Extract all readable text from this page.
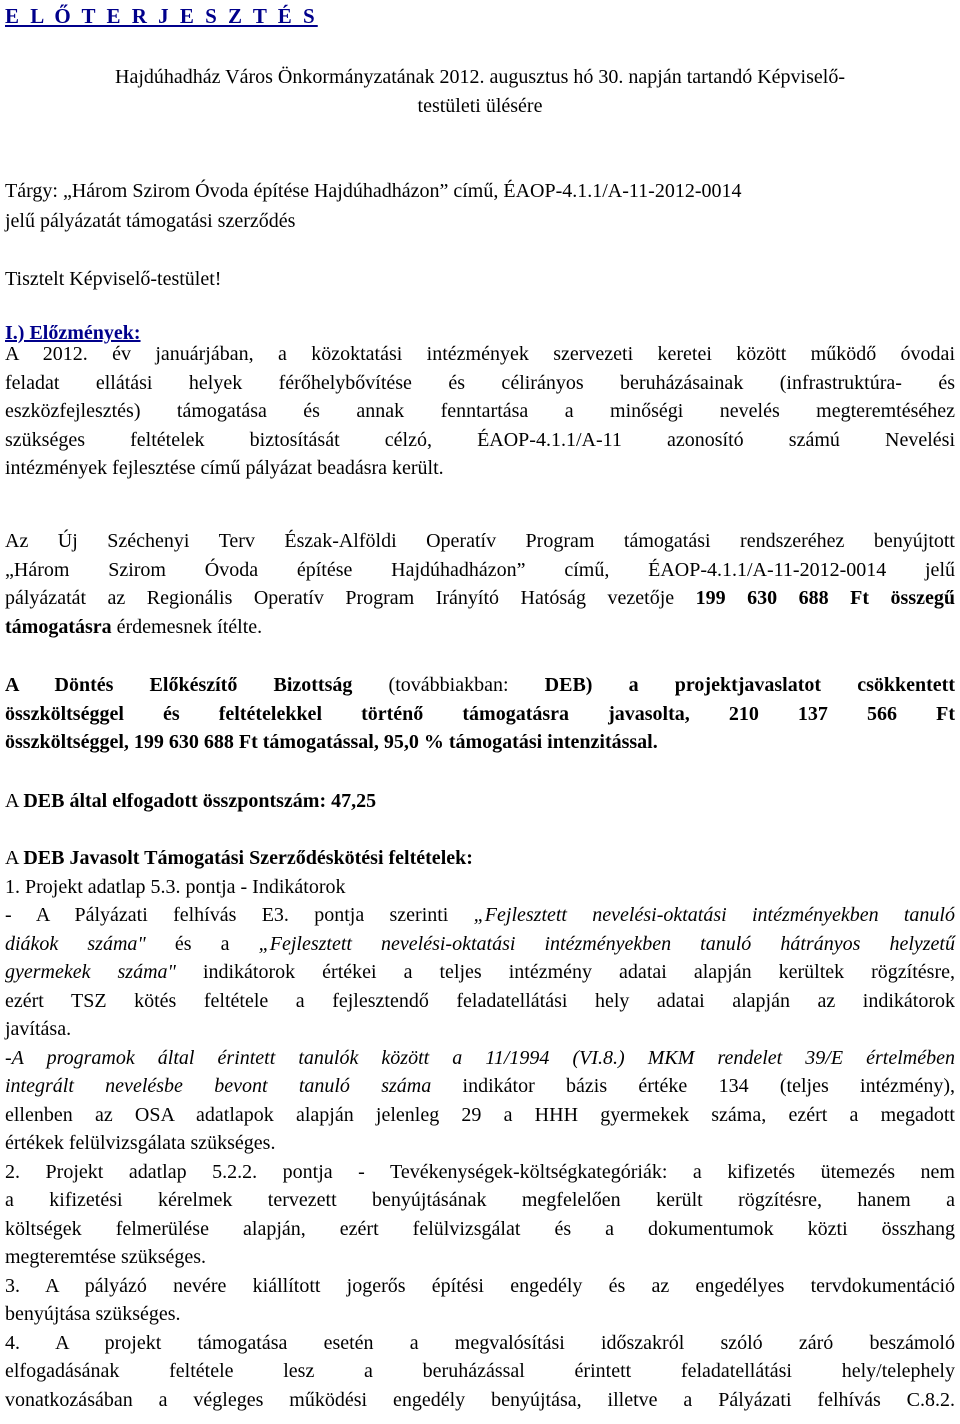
E L Ő T E R J E S Z T É S
Hajdúhadház Város Önkormányzatának 2012. augusztus hó 30. napján tartandó Képviselő-
testületi ülésére
Tárgy: „Három Szirom Óvoda építése Hajdúhadházon” című, ÉAOP-4.1.1/A-11-2012-0014
jelű pályázatát támogatási szerződés
Tisztelt Képviselő-testület!
I.) Előzmények:
A 2012. év januárjában, a közoktatási intézmények szervezeti keretei között működő óvodai
feladat ellátási helyek férőhelybővítése és célirányos beruházásainak (infrastruktúra- és
eszközfejlesztés) támogatása és annak fenntartása a minőségi nevelés megteremtéséhez
szükséges feltételek biztosítását célzó, ÉAOP-4.1.1/A-11 azonosító számú Nevelési
intézmények fejlesztése című pályázat beadásra került.
Az Új Széchenyi Terv Észak-Alföldi Operatív Program támogatási rendszeréhez benyújtott
„Három Szirom Óvoda építése Hajdúhadházon” című, ÉAOP-4.1.1/A-11-2012-0014 jelű
pályázatát az Regionális Operatív Program Irányító Hatóság vezetője 199 630 688 Ft összegű
támogatásra érdemesnek ítélte.
A Döntés Előkészítő Bizottság (továbbiakban: DEB) a projektjavaslatot csökkentett
összköltséggel és feltételekkel történő támogatásra javasolta, 210 137 566 Ft
összköltséggel, 199 630 688 Ft támogatással, 95,0 % támogatási intenzitással.
A DEB által elfogadott összpontszám: 47,25
A DEB Javasolt Támogatási Szerződéskötési feltételek:
1. Projekt adatlap 5.3. pontja - Indikátorok
- A Pályázati felhívás E3. pontja szerinti „Fejlesztett nevelési-oktatási intézményekben tanuló
diákok száma" és a „Fejlesztett nevelési-oktatási intézményekben tanuló hátrányos helyzetű
gyermekek száma" indikátorok értékei a teljes intézmény adatai alapján kerültek rögzítésre,
ezért TSZ kötés feltétele a fejlesztendő feladatellátási hely adatai alapján az indikátorok
javítása.
-A programok által érintett tanulók között a 11/1994 (VI.8.) MKM rendelet 39/E értelmében
integrált nevelésbe bevont tanuló száma indikátor bázis értéke 134 (teljes intézmény),
ellenben az OSA adatlapok alapján jelenleg 29 a HHH gyermekek száma, ezért a megadott
értékek felülvizsgálata szükséges.
2. Projekt adatlap 5.2.2. pontja - Tevékenységek-költségkategóriák: a kifizetés ütemezés nem
a kifizetési kérelmek tervezett benyújtásának megfelelően került rögzítésre, hanem a
költségek felmerülése alapján, ezért felülvizsgálat és a dokumentumok közti összhang
megteremtése szükséges.
3. A pályázó nevére kiállított jogerős építési engedély és az engedélyes tervdokumentáció
benyújtása szükséges.
4. A projekt támogatása esetén a megvalósítási időszakról szóló záró beszámoló
elfogadásának feltétele lesz a beruházással érintett feladatellátási hely/telephely
vonatkozásában a végleges működési engedély benyújtása, illetve a Pályázati felhívás C.8.2.
